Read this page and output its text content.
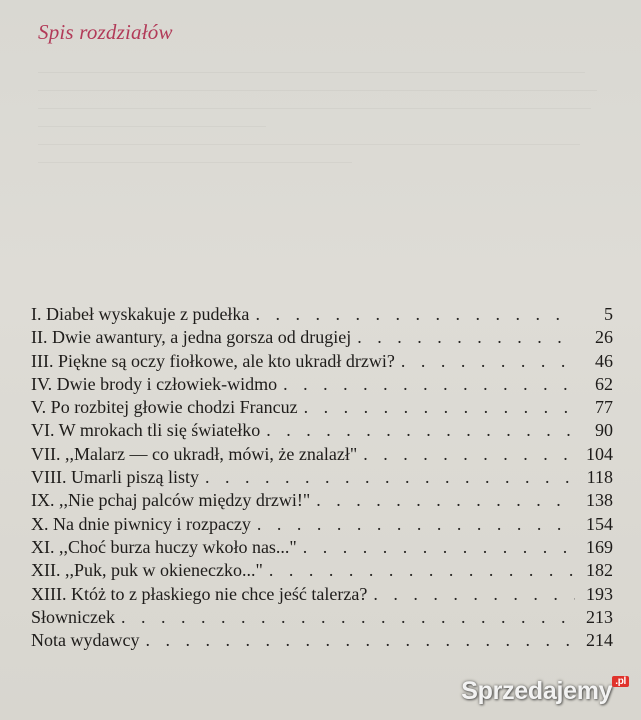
Spis rozdziałów
I. Diabeł wyskakuje z pudełka . . .	5
II. Dwie awantury, a jedna gorsza od drugiej . . .	26
III. Piękne są oczy fiołkowe, ale kto ukradł drzwi? . . .	46
IV. Dwie brody i człowiek-widmo . . .	62
V. Po rozbitej głowie chodzi Francuz . . .	77
VI. W mrokach tli się światełko . . .	90
VII. ,,Malarz — co ukradł, mówi, że znalazł" . . .	104
VIII. Umarli piszą listy . . .	118
IX. ,,Nie pchaj palców między drzwi!" . . .	138
X. Na dnie piwnicy i rozpaczy . . .	154
XI. ,,Choć burza huczy wkoło nas..." . . .	169
XII. ,,Puk, puk w okieneczko..." . . .	182
XIII. Któż to z płaskiego nie chce jeść talerza? . . .	193
Słowniczek . . .	213
Nota wydawcy . . .	214
Sprzedajemy $^{.pl}$
